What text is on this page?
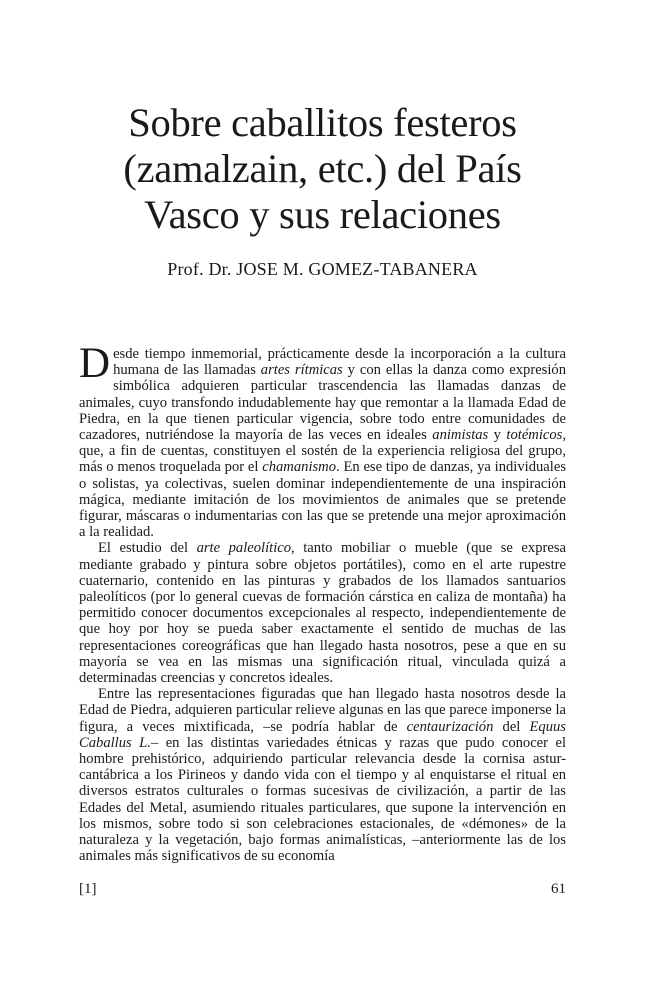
Sobre caballitos festeros
(zamalzain, etc.) del País
Vasco y sus relaciones

Prof. Dr. JOSE M. GOMEZ-TABANERA

Desde tiempo inmemorial, prácticamente desde la incorporación a la cultura humana de las llamadas artes rítmicas y con ellas la danza como expresión simbólica adquieren particular trascendencia las llamadas danzas de animales, cuyo transfondo indudablemente hay que remontar a la llamada Edad de Piedra, en la que tienen particular vigencia, sobre todo entre comunidades de cazadores, nutriéndose la mayoría de las veces en ideales animistas y totémicos, que, a fin de cuentas, constituyen el sostén de la experiencia religiosa del grupo, más o menos troquelada por el chamanismo. En ese tipo de danzas, ya individuales o solistas, ya colectivas, suelen dominar independientemente de una inspiración mágica, mediante imitación de los movimientos de animales que se pretende figurar, máscaras o indumentarias con las que se pretende una mejor aproximación a la realidad.

El estudio del arte paleolítico, tanto mobiliar o mueble (que se expresa mediante grabado y pintura sobre objetos portátiles), como en el arte rupestre cuaternario, contenido en las pinturas y grabados de los llamados santuarios paleolíticos (por lo general cuevas de formación cárstica en caliza de montaña) ha permitido conocer documentos excepcionales al respecto, independientemente de que hoy por hoy se pueda saber exactamente el sentido de muchas de las representaciones coreográficas que han llegado hasta nosotros, pese a que en su mayoría se vea en las mismas una significación ritual, vinculada quizá a determinadas creencias y concretos ideales.

Entre las representaciones figuradas que han llegado hasta nosotros desde la Edad de Piedra, adquieren particular relieve algunas en las que parece imponerse la figura, a veces mixtificada, –se podría hablar de centaurización del Equus Caballus L.– en las distintas variedades étnicas y razas que pudo conocer el hombre prehistórico, adquiriendo particular relevancia desde la cornisa astur-cantábrica a los Pirineos y dando vida con el tiempo y al enquistarse el ritual en diversos estratos culturales o formas sucesivas de civilización, a partir de las Edades del Metal, asumiendo rituales particulares, que supone la intervención en los mismos, sobre todo si son celebraciones estacionales, de «démones» de la naturaleza y la vegetación, bajo formas animalísticas, –anteriormente las de los animales más significativos de su economía

[1]	61
